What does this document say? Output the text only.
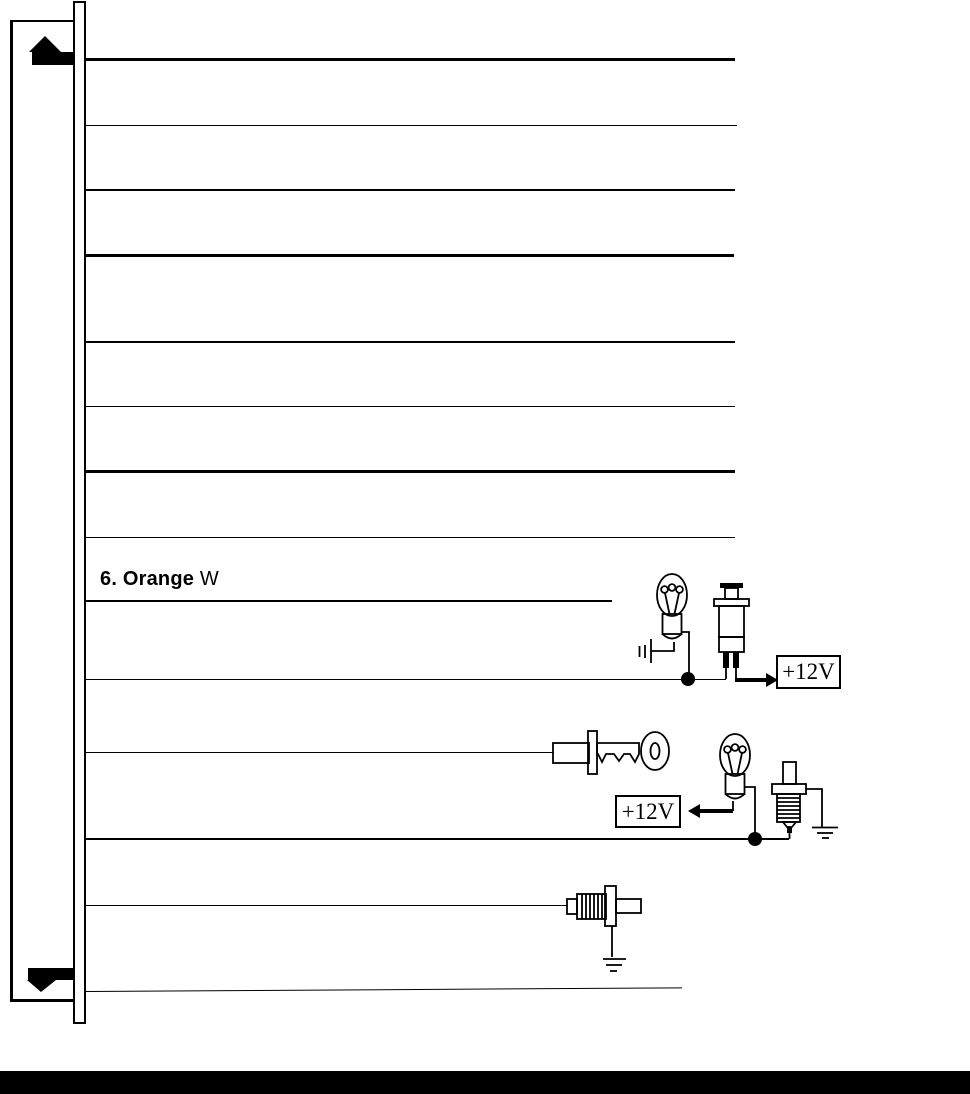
6. Orange W
+12V
+12V
